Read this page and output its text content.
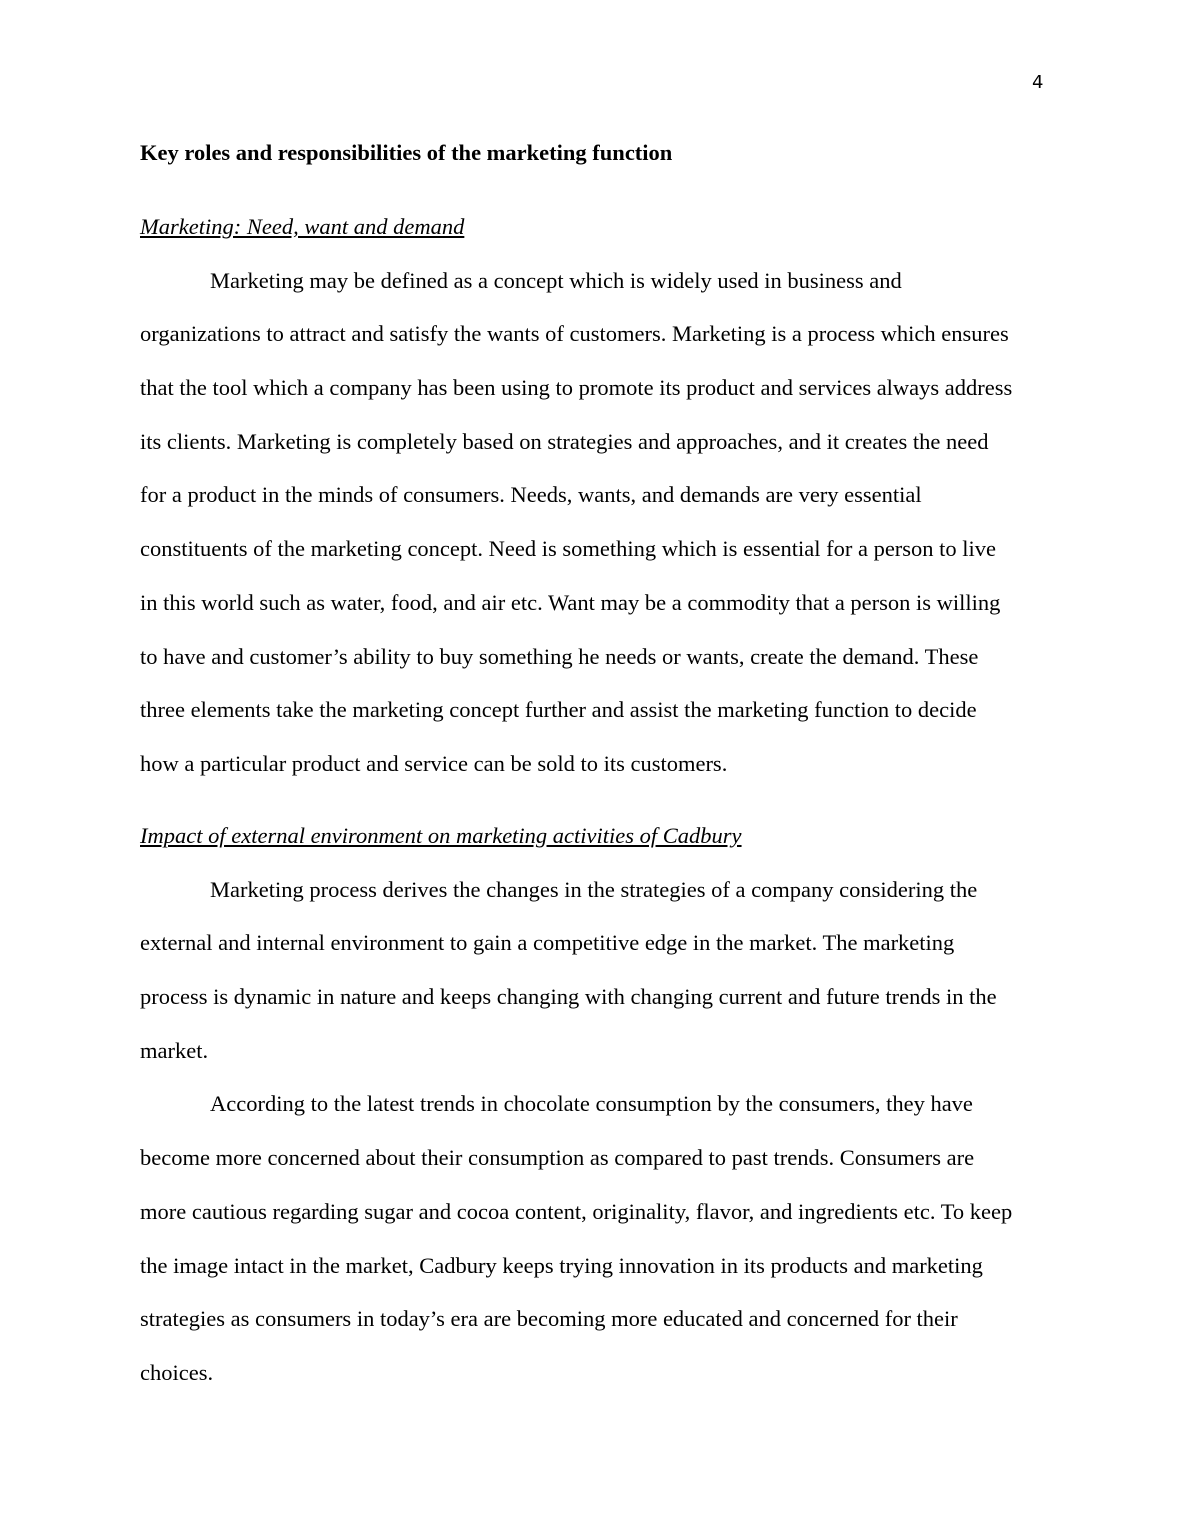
4
Key roles and responsibilities of the marketing function
Marketing: Need, want and demand
Marketing may be defined as a concept which is widely used in business and
organizations to attract and satisfy the wants of customers. Marketing is a process which ensures
that the tool which a company has been using to promote its product and services always address
its clients. Marketing is completely based on strategies and approaches, and it creates the need
for a product in the minds of consumers. Needs, wants, and demands are very essential
constituents of the marketing concept. Need is something which is essential for a person to live
in this world such as water, food, and air etc. Want may be a commodity that a person is willing
to have and customer’s ability to buy something he needs or wants, create the demand. These
three elements take the marketing concept further and assist the marketing function to decide
how a particular product and service can be sold to its customers.
Impact of external environment on marketing activities of Cadbury
Marketing process derives the changes in the strategies of a company considering the
external and internal environment to gain a competitive edge in the market. The marketing
process is dynamic in nature and keeps changing with changing current and future trends in the
market.
According to the latest trends in chocolate consumption by the consumers, they have
become more concerned about their consumption as compared to past trends. Consumers are
more cautious regarding sugar and cocoa content, originality, flavor, and ingredients etc. To keep
the image intact in the market, Cadbury keeps trying innovation in its products and marketing
strategies as consumers in today’s era are becoming more educated and concerned for their
choices.
